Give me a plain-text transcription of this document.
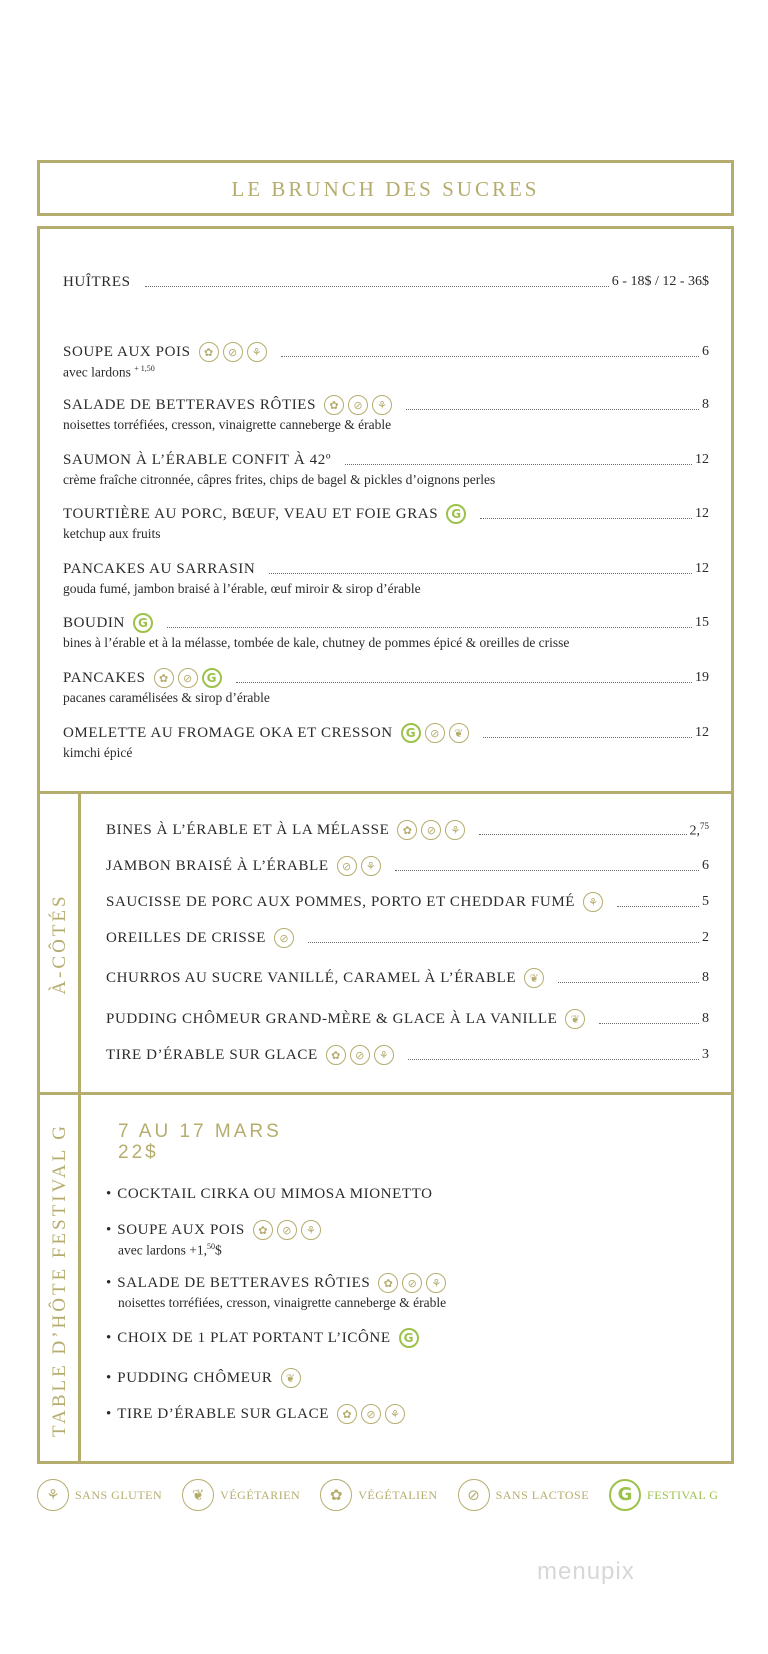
LE BRUNCH DES SUCRES
HUÎTRES	6 - 18$ / 12 - 36$
SOUPE AUX POIS	✿	⊘	⚘	6
avec lardons $^{+ 1,50}$
SALADE DE BETTERAVES RÔTIES	✿	⊘	⚘	8
noisettes torréfiées, cresson, vinaigrette canneberge & érable
SAUMON À L’ÉRABLE CONFIT À 42º	12
crème fraîche citronnée, câpres frites, chips de bagel & pickles d’oignons perles
TOURTIÈRE AU PORC, BŒUF, VEAU ET FOIE GRAS	G	12
ketchup aux fruits
PANCAKES AU SARRASIN	12
gouda fumé, jambon braisé à l’érable, œuf miroir & sirop d’érable
BOUDIN	G	15
bines à l’érable et à la mélasse, tombée de kale, chutney de pommes épicé & oreilles de crisse
PANCAKES	✿	⊘	G	19
pacanes caramélisées & sirop d’érable
OMELETTE AU FROMAGE OKA ET CRESSON	G	⊘	❦	12
kimchi épicé
À-CÔTÉS
BINES À L’ÉRABLE ET À LA MÉLASSE	✿	⊘	⚘	2,75
JAMBON BRAISÉ À L’ÉRABLE	⊘	⚘	6
SAUCISSE DE PORC AUX POMMES, PORTO ET CHEDDAR FUMÉ	⚘	5
OREILLES DE CRISSE	⊘	2
CHURROS AU SUCRE VANILLÉ, CARAMEL À L’ÉRABLE	❦	8
PUDDING CHÔMEUR GRAND-MÈRE & GLACE À LA VANILLE	❦	8
TIRE D’ÉRABLE SUR GLACE	✿	⊘	⚘	3
TABLE D’HÔTE FESTIVAL G	7 AU 17 MARS
22$
• COCKTAIL CIRKA OU MIMOSA MIONETTO
• SOUPE AUX POIS	✿	⊘	⚘
avec lardons +1,50$
• SALADE DE BETTERAVES RÔTIES	✿	⊘	⚘
noisettes torréfiées, cresson, vinaigrette canneberge & érable
• CHOIX DE 1 PLAT PORTANT L’ICÔNE	G
• PUDDING CHÔMEUR	❦
• TIRE D’ÉRABLE SUR GLACE	✿	⊘	⚘
⚘	SANS GLUTEN	❦	VÉGÉTARIEN	✿	VÉGÉTALIEN	⊘	SANS LACTOSE	G	FESTIVAL G
menupix
